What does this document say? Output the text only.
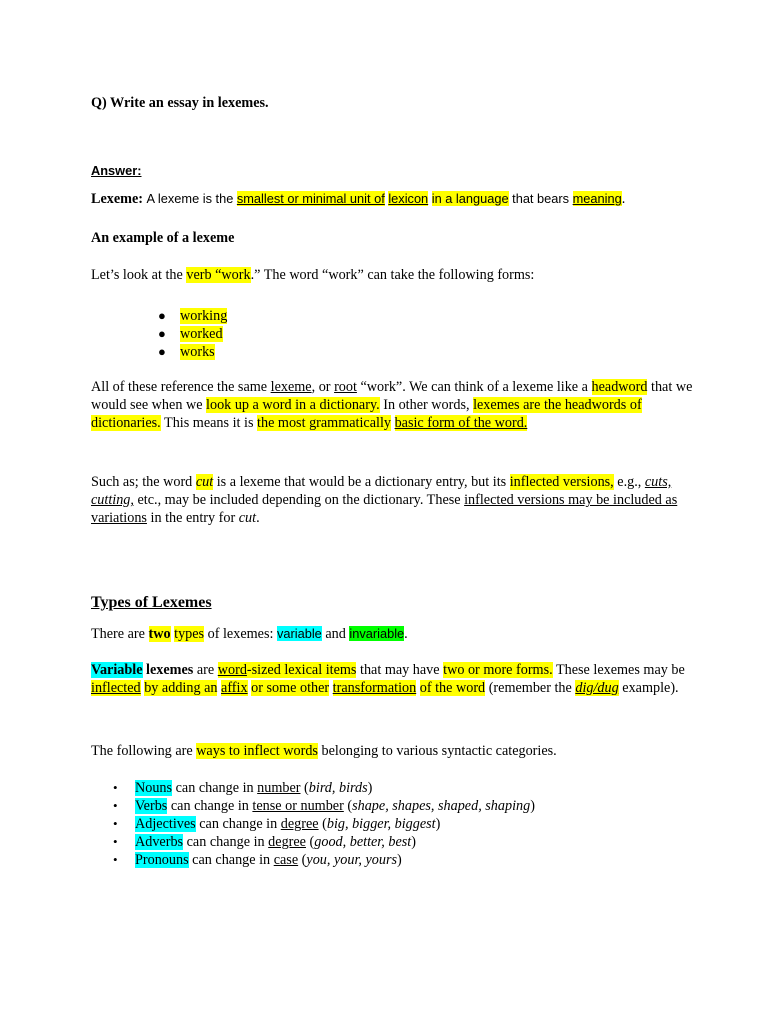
Q) Write an essay in lexemes.
Answer:
Lexeme: A lexeme is the smallest or minimal unit of lexicon in a language that bears meaning.
An example of a lexeme
Let’s look at the verb “work.” The word “work” can take the following forms:
● working
● worked
● works
All of these reference the same lexeme, or root “work”. We can think of a lexeme like a headword that we would see when we look up a word in a dictionary. In other words, lexemes are the headwords of dictionaries. This means it is the most grammatically basic form of the word.
Such as; the word cut is a lexeme that would be a dictionary entry, but its inflected versions, e.g., cuts, cutting, etc., may be included depending on the dictionary. These inflected versions may be included as variations in the entry for cut.
Types of Lexemes
There are two types of lexemes: variable and invariable.
Variable lexemes are word-sized lexical items that may have two or more forms. These lexemes may be inflected by adding an affix or some other transformation of the word (remember the dig/dug example).
The following are ways to inflect words belonging to various syntactic categories.
• Nouns can change in number (bird, birds)
• Verbs can change in tense or number (shape, shapes, shaped, shaping)
• Adjectives can change in degree (big, bigger, biggest)
• Adverbs can change in degree (good, better, best)
• Pronouns can change in case (you, your, yours)
